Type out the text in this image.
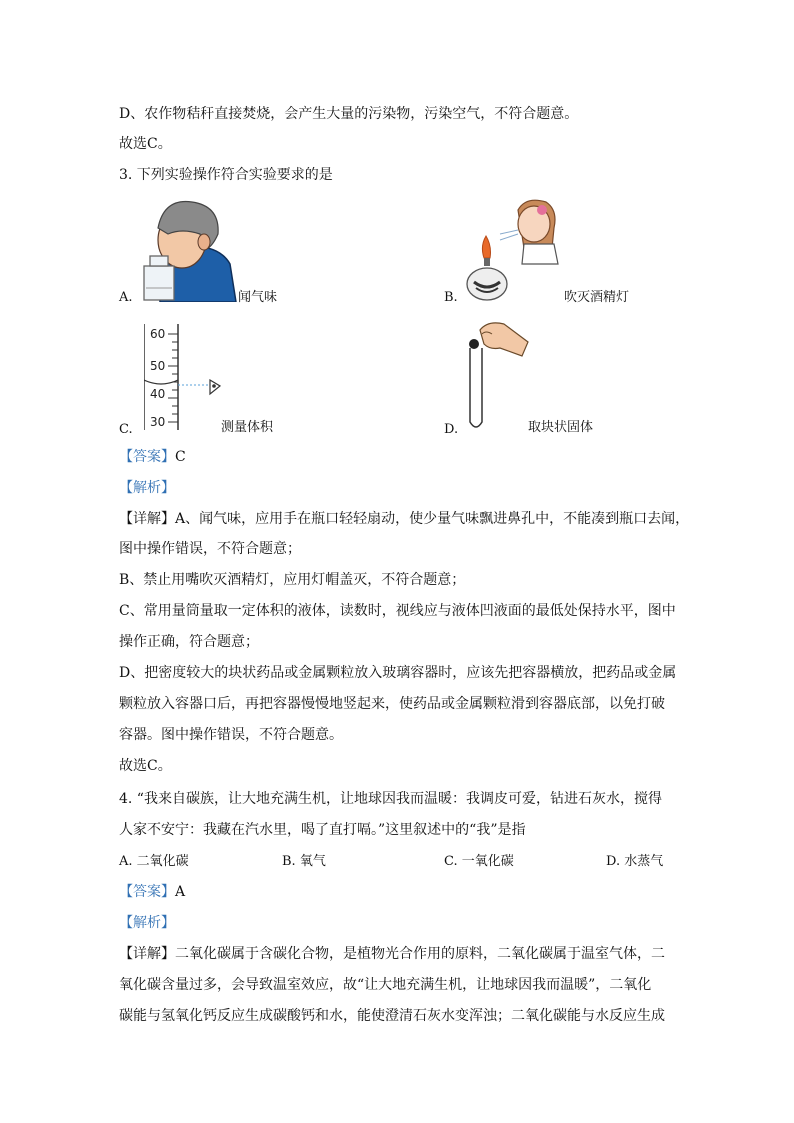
D、农作物秸秆直接焚烧，会产生大量的污染物，污染空气，不符合题意。
故选C。
3. 下列实验操作符合实验要求的是
A.	闻气味	B.	吹灭酒精灯
60
50
40
30
C.	测量体积	D.	取块状固体
【答案】C
【解析】
【详解】A、闻气味，应用手在瓶口轻轻扇动，使少量气味飘进鼻孔中，不能凑到瓶口去闻，
图中操作错误，不符合题意；
B、禁止用嘴吹灭酒精灯，应用灯帽盖灭，不符合题意；
C、常用量筒量取一定体积的液体，读数时，视线应与液体凹液面的最低处保持水平，图中
操作正确，符合题意；
D、把密度较大的块状药品或金属颗粒放入玻璃容器时，应该先把容器横放，把药品或金属
颗粒放入容器口后，再把容器慢慢地竖起来，使药品或金属颗粒滑到容器底部，以免打破
容器。图中操作错误，不符合题意。
故选C。
4. “我来自碳族，让大地充满生机，让地球因我而温暖：我调皮可爱，钻进石灰水，搅得
人家不安宁：我藏在汽水里，喝了直打嗝。”这里叙述中的“我”是指
A. 二氧化碳	B. 氧气	C. 一氧化碳	D. 水蒸气
【答案】A
【解析】
【详解】二氧化碳属于含碳化合物，是植物光合作用的原料，二氧化碳属于温室气体，二
氧化碳含量过多，会导致温室效应，故“让大地充满生机，让地球因我而温暖”，二氧化
碳能与氢氧化钙反应生成碳酸钙和水，能使澄清石灰水变浑浊；二氧化碳能与水反应生成
